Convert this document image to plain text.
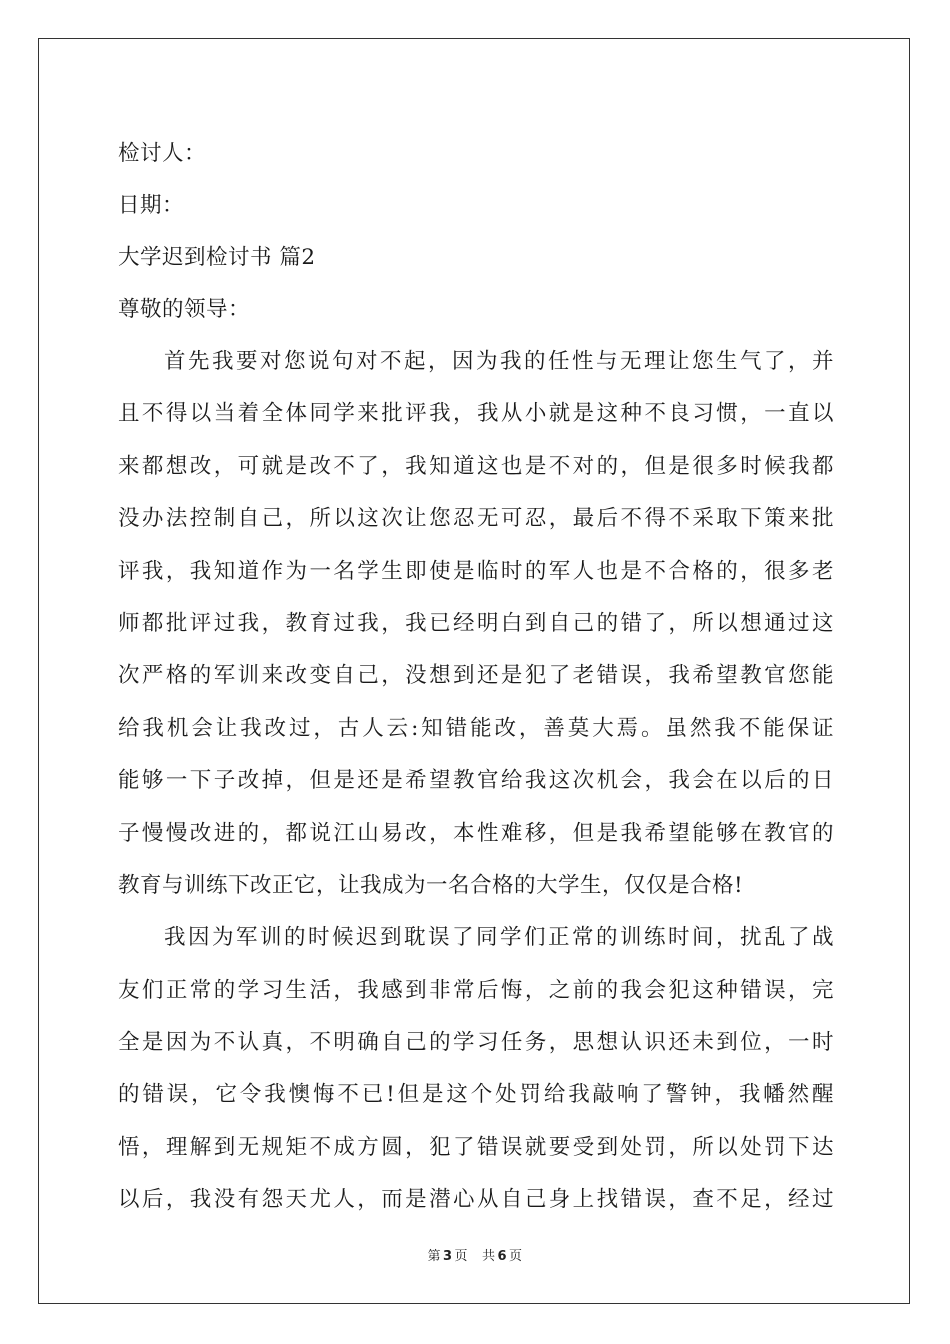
检讨人：
日期：
大学迟到检讨书 篇2
尊敬的领导：
首先我要对您说句对不起，因为我的任性与无理让您生气了，并
且不得以当着全体同学来批评我，我从小就是这种不良习惯，一直以
来都想改，可就是改不了，我知道这也是不对的，但是很多时候我都
没办法控制自己，所以这次让您忍无可忍，最后不得不采取下策来批
评我，我知道作为一名学生即使是临时的军人也是不合格的，很多老
师都批评过我，教育过我，我已经明白到自己的错了，所以想通过这
次严格的军训来改变自己，没想到还是犯了老错误，我希望教官您能
给我机会让我改过，古人云:知错能改，善莫大焉。虽然我不能保证
能够一下子改掉，但是还是希望教官给我这次机会，我会在以后的日
子慢慢改进的，都说江山易改，本性难移，但是我希望能够在教官的
教育与训练下改正它，让我成为一名合格的大学生，仅仅是合格!
我因为军训的时候迟到耽误了同学们正常的训练时间，扰乱了战
友们正常的学习生活，我感到非常后悔，之前的我会犯这种错误，完
全是因为不认真，不明确自己的学习任务，思想认识还未到位，一时
的错误，它令我懊悔不已!但是这个处罚给我敲响了警钟，我幡然醒
悟，理解到无规矩不成方圆，犯了错误就要受到处罚，所以处罚下达
以后，我没有怨天尤人，而是潜心从自己身上找错误，查不足，经过
第 3 页 共 6 页
